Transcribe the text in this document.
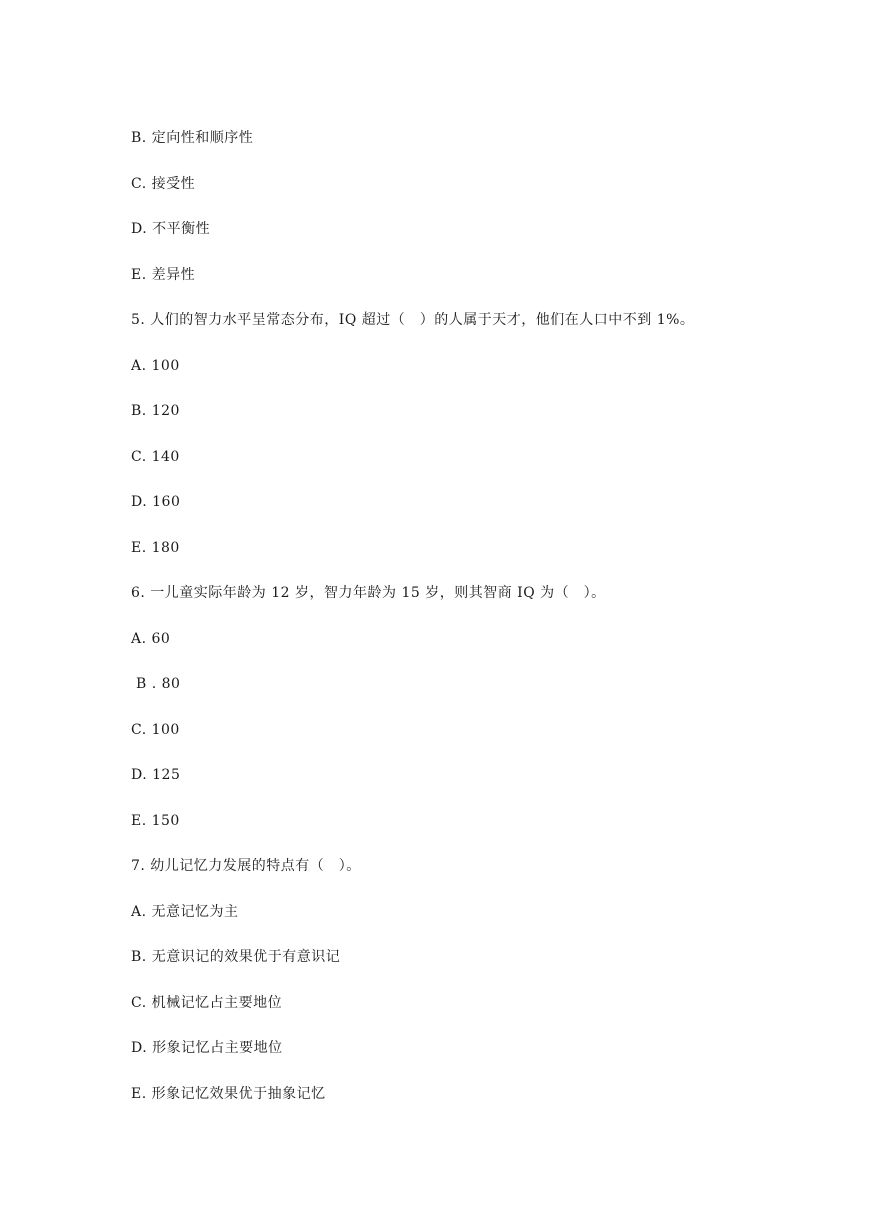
B. 定向性和顺序性
C. 接受性
D. 不平衡性
E. 差异性
5. 人们的智力水平呈常态分布，IQ 超过（　）的人属于天才，他们在人口中不到 1%。
A. 100
B. 120
C. 140
D. 160
E. 180
6. 一儿童实际年龄为 12 岁，智力年龄为 15 岁，则其智商 IQ 为（　）。
A. 60
B . 80
C. 100
D. 125
E. 150
7. 幼儿记忆力发展的特点有（　）。
A. 无意记忆为主
B. 无意识记的效果优于有意识记
C. 机械记忆占主要地位
D. 形象记忆占主要地位
E. 形象记忆效果优于抽象记忆
